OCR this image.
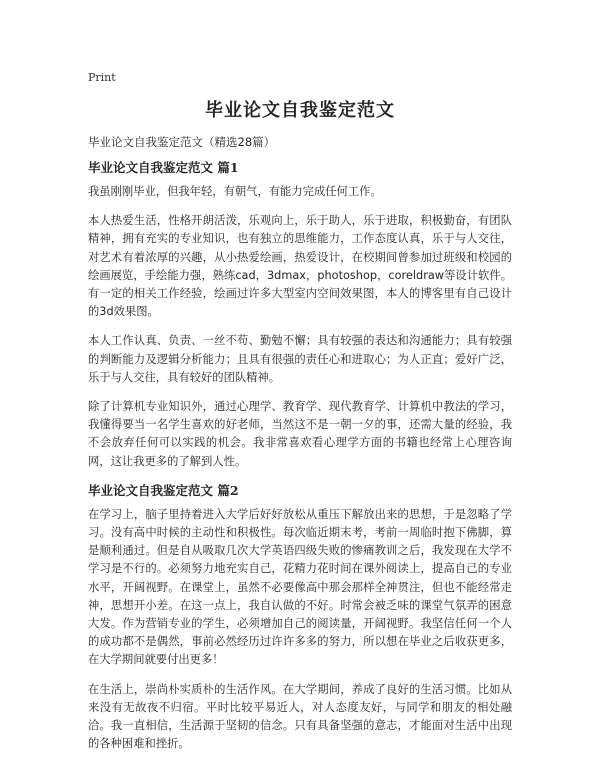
Print
毕业论文自我鉴定范文
毕业论文自我鉴定范文（精选28篇）
毕业论文自我鉴定范文 篇1

我虽刚刚毕业，但我年轻，有朝气，有能力完成任何工作。

本人热爱生活，性格开朗活泼，乐观向上，乐于助人，乐于进取，积极勤奋，有团队精神，拥有充实的专业知识，也有独立的思维能力，工作态度认真，乐于与人交往，对艺术有着浓厚的兴趣，从小热爱绘画，热爱设计，在校期间曾参加过班级和校园的绘画展览，手绘能力强，熟练cad，3dmax，photoshop，coreldraw等设计软件。有一定的相关工作经验，绘画过许多大型室内空间效果图，本人的博客里有自己设计的3d效果图。

本人工作认真、负责、一丝不苟、勤勉不懈；具有较强的表达和沟通能力；具有较强的判断能力及逻辑分析能力；且具有很强的责任心和进取心；为人正直；爱好广泛，乐于与人交往，具有较好的团队精神。

除了计算机专业知识外，通过心理学、教育学、现代教育学、计算机中教法的学习，我懂得要当一名学生喜欢的好老师，当然这不是一朝一夕的事，还需大量的经验，我不会放弃任何可以实践的机会。我非常喜欢看心理学方面的书籍也经常上心理咨询网，这让我更多的了解到人性。

毕业论文自我鉴定范文 篇2

在学习上，脑子里持着进入大学后好好放松从重压下解放出来的思想，于是忽略了学习。没有高中时候的主动性和积极性。每次临近期末考，考前一周临时抱下佛脚，算是顺利通过。但是自从吸取几次大学英语四级失败的惨痛教训之后，我发现在大学不学习是不行的。必须努力地充实自己，花精力花时间在课外阅读上，提高自己的专业水平，开阔视野。在课堂上，虽然不必要像高中那会那样全神贯注，但也不能经常走神，思想开小差。在这一点上，我自认做的不好。时常会被乏味的课堂气氛弄的困意大发。作为营销专业的学生，必须增加自己的阅读量，开阔视野。我坚信任何一个人的成功都不是偶然，事前必然经历过许许多多的努力，所以想在毕业之后收获更多，在大学期间就要付出更多！

在生活上，崇尚朴实质朴的生活作风。在大学期间，养成了良好的生活习惯。比如从来没有无故夜不归宿。平时比较平易近人，对人态度友好，与同学和朋友的相处融洽。我一直相信，生活源于坚韧的信念。只有具备坚强的意志，才能面对生活中出现的各种困难和挫折。
